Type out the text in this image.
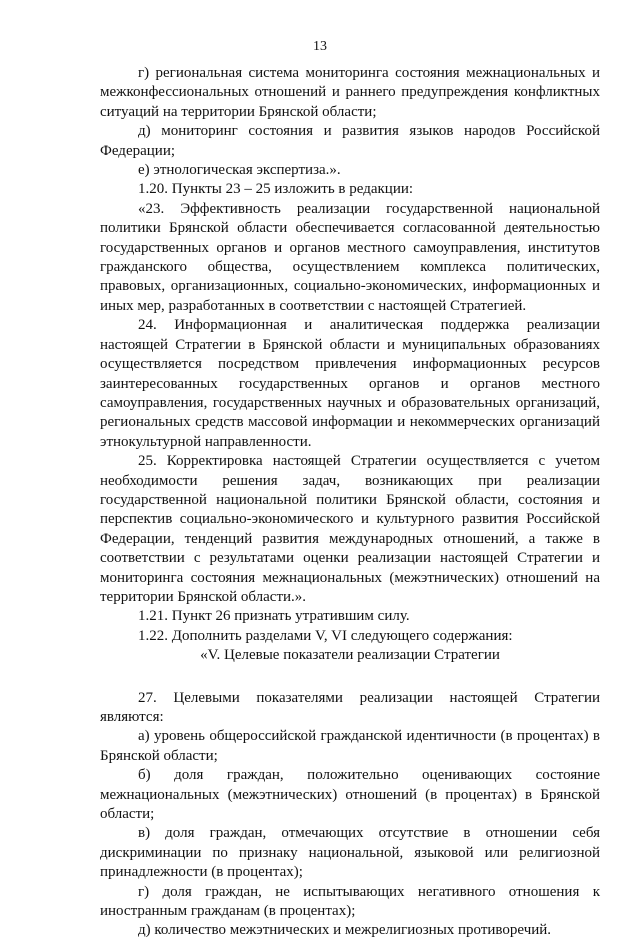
13

г) региональная система мониторинга состояния межнациональных и межконфессиональных отношений и раннего предупреждения конфликтных ситуаций на территории Брянской области;

д) мониторинг состояния и развития языков народов Российской Федерации;

е) этнологическая экспертиза.».

1.20. Пункты 23 – 25 изложить в редакции:

«23. Эффективность реализации государственной национальной политики Брянской области обеспечивается согласованной деятельностью государственных органов и органов местного самоуправления, институтов гражданского общества, осуществлением комплекса политических, правовых, организационных, социально-экономических, информационных и иных мер, разработанных в соответствии с настоящей Стратегией.

24. Информационная и аналитическая поддержка реализации настоящей Стратегии в Брянской области и муниципальных образованиях осуществляется посредством привлечения информационных ресурсов заинтересованных государственных органов и органов местного самоуправления, государственных научных и образовательных организаций, региональных средств массовой информации и некоммерческих организаций этнокультурной направленности.

25. Корректировка настоящей Стратегии осуществляется с учетом необходимости решения задач, возникающих при реализации государственной национальной политики Брянской области, состояния и перспектив социально-экономического и культурного развития Российской Федерации, тенденций развития международных отношений, а также в соответствии с результатами оценки реализации настоящей Стратегии и мониторинга состояния межнациональных (межэтнических) отношений на территории Брянской области.».

1.21. Пункт 26 признать утратившим силу.

1.22. Дополнить разделами V, VI следующего содержания:

«V. Целевые показатели реализации Стратегии

27. Целевыми показателями реализации настоящей Стратегии являются:

а) уровень общероссийской гражданской идентичности (в процентах) в Брянской области;

б) доля граждан, положительно оценивающих состояние межнациональных (межэтнических) отношений (в процентах) в Брянской области;

в) доля граждан, отмечающих отсутствие в отношении себя дискриминации по признаку национальной, языковой или религиозной принадлежности (в процентах);

г) доля граждан, не испытывающих негативного отношения к иностранным гражданам (в процентах);

д) количество межэтнических и межрелигиозных противоречий.
